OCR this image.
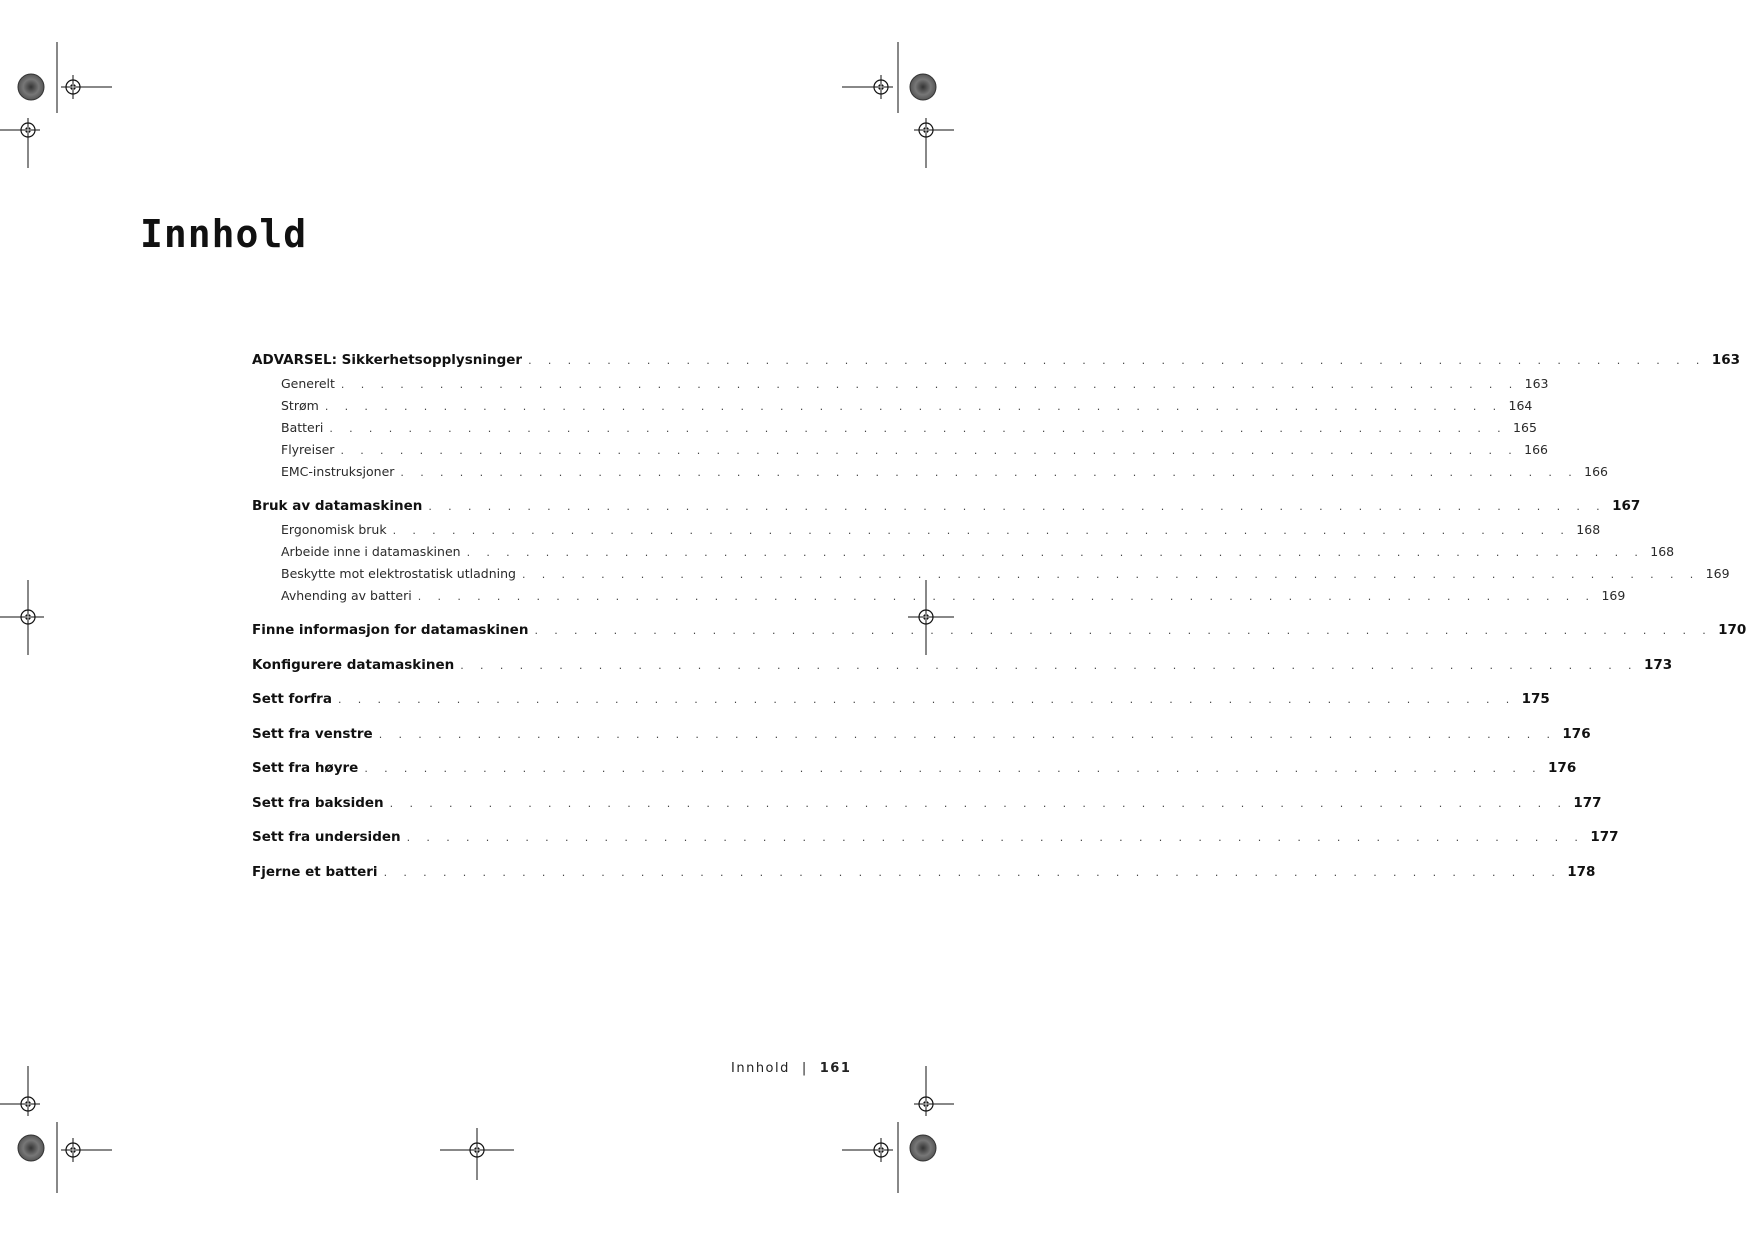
Innhold
ADVARSEL: Sikkerhetsopplysninger . . . . . . . . . . . . . . . . . . . . . . . . . . . . . . . . . . . . . . . . . . . . . . . . . . . . . . . . . . . . 163
Generelt . . . . . . . . . . . . . . . . . . . . . . . . . . . . . . . . . . . . . . . . . . . . . . . . . . . . . . . . . . . . 163
Strøm . . . . . . . . . . . . . . . . . . . . . . . . . . . . . . . . . . . . . . . . . . . . . . . . . . . . . . . . . . . . 164
Batteri . . . . . . . . . . . . . . . . . . . . . . . . . . . . . . . . . . . . . . . . . . . . . . . . . . . . . . . . . . . . 165
Flyreiser . . . . . . . . . . . . . . . . . . . . . . . . . . . . . . . . . . . . . . . . . . . . . . . . . . . . . . . . . . . . 166
EMC-instruksjoner . . . . . . . . . . . . . . . . . . . . . . . . . . . . . . . . . . . . . . . . . . . . . . . . . . . . . . . . . . . . 166
Bruk av datamaskinen . . . . . . . . . . . . . . . . . . . . . . . . . . . . . . . . . . . . . . . . . . . . . . . . . . . . . . . . . . . . 167
Ergonomisk bruk . . . . . . . . . . . . . . . . . . . . . . . . . . . . . . . . . . . . . . . . . . . . . . . . . . . . . . . . . . . . 168
Arbeide inne i datamaskinen . . . . . . . . . . . . . . . . . . . . . . . . . . . . . . . . . . . . . . . . . . . . . . . . . . . . . . . . . . . . 168
Beskytte mot elektrostatisk utladning . . . . . . . . . . . . . . . . . . . . . . . . . . . . . . . . . . . . . . . . . . . . . . . . . . . . . . . . . . . . 169
Avhending av batteri . . . . . . . . . . . . . . . . . . . . . . . . . . . . . . . . . . . . . . . . . . . . . . . . . . . . . . . . . . . . 169
Finne informasjon for datamaskinen . . . . . . . . . . . . . . . . . . . . . . . . . . . . . . . . . . . . . . . . . . . . . . . . . . . . . . . . . . . . 170
Konfigurere datamaskinen . . . . . . . . . . . . . . . . . . . . . . . . . . . . . . . . . . . . . . . . . . . . . . . . . . . . . . . . . . . . 173
Sett forfra . . . . . . . . . . . . . . . . . . . . . . . . . . . . . . . . . . . . . . . . . . . . . . . . . . . . . . . . . . . . 175
Sett fra venstre . . . . . . . . . . . . . . . . . . . . . . . . . . . . . . . . . . . . . . . . . . . . . . . . . . . . . . . . . . . . 176
Sett fra høyre . . . . . . . . . . . . . . . . . . . . . . . . . . . . . . . . . . . . . . . . . . . . . . . . . . . . . . . . . . . . 176
Sett fra baksiden . . . . . . . . . . . . . . . . . . . . . . . . . . . . . . . . . . . . . . . . . . . . . . . . . . . . . . . . . . . . 177
Sett fra undersiden . . . . . . . . . . . . . . . . . . . . . . . . . . . . . . . . . . . . . . . . . . . . . . . . . . . . . . . . . . . . 177
Fjerne et batteri . . . . . . . . . . . . . . . . . . . . . . . . . . . . . . . . . . . . . . . . . . . . . . . . . . . . . . . . . . . . 178
Innhold | 161
